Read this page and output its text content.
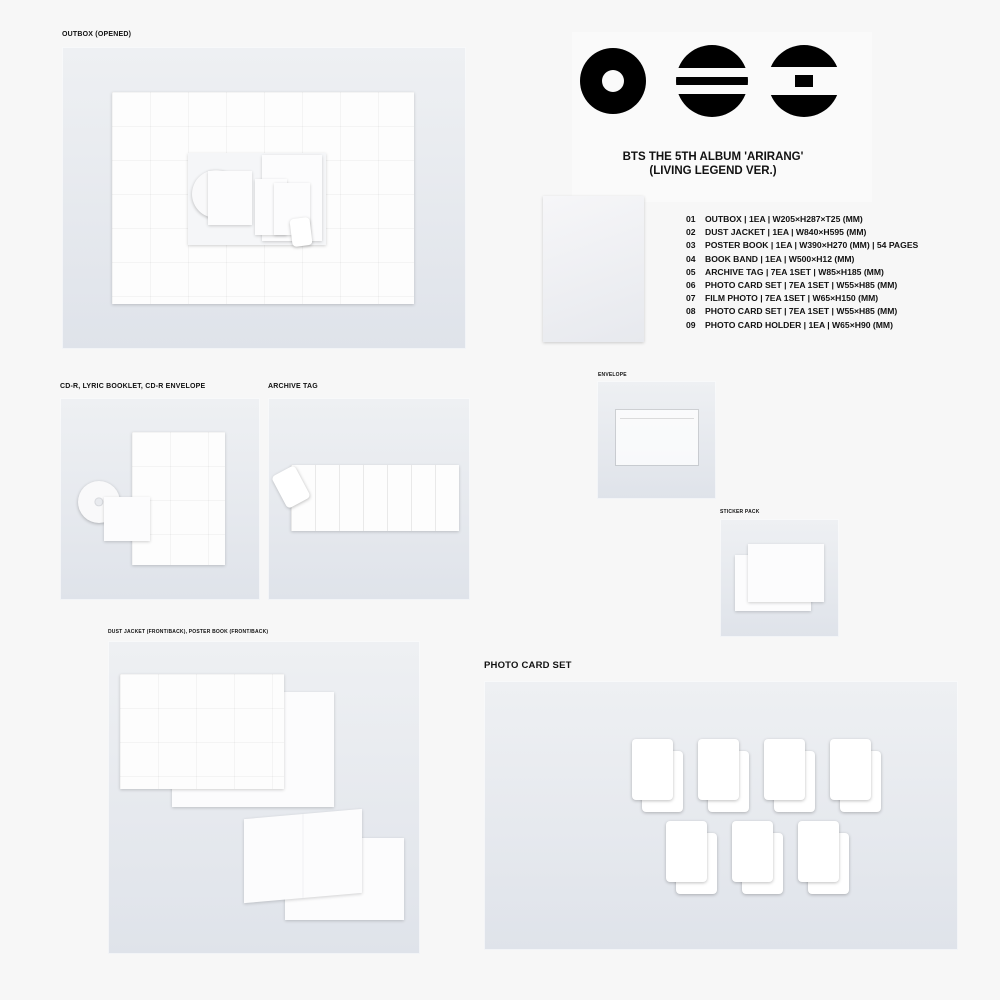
OUTBOX (OPENED)
BTS THE 5TH ALBUM 'ARIRANG'
(LIVING LEGEND VER.)
01 OUTBOX | 1EA | W205×H287×T25 (MM)
02 DUST JACKET | 1EA | W840×H595 (MM)
03 POSTER BOOK | 1EA | W390×H270 (MM) | 54 PAGES
04 BOOK BAND | 1EA | W500×H12 (MM)
05 ARCHIVE TAG | 7EA 1SET | W85×H185 (MM)
06 PHOTO CARD SET | 7EA 1SET | W55×H85 (MM)
07 FILM PHOTO | 7EA 1SET | W65×H150 (MM)
08 PHOTO CARD SET | 7EA 1SET | W55×H85 (MM)
09 PHOTO CARD HOLDER | 1EA | W65×H90 (MM)
CD-R, LYRIC BOOKLET, CD-R ENVELOPE	ARCHIVE TAG
ENVELOPE
STICKER PACK
DUST JACKET (FRONT/BACK), POSTER BOOK (FRONT/BACK)
PHOTO CARD SET
